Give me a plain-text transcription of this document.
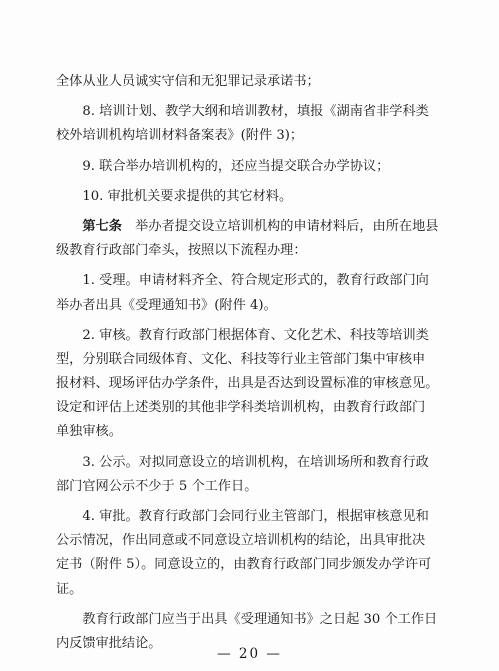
全体从业人员诚实守信和无犯罪记录承诺书；
8. 培训计划、教学大纲和培训教材，填报《湖南省非学科类
校外培训机构培训材料备案表》(附件 3)；
9. 联合举办培训机构的，还应当提交联合办学协议；
10. 审批机关要求提供的其它材料。
第七条　 举办者提交设立培训机构的申请材料后，由所在地县
级教育行政部门牵头，按照以下流程办理：
1. 受理。申请材料齐全、符合规定形式的，教育行政部门向
举办者出具《受理通知书》(附件 4)。
2. 审核。教育行政部门根据体育、文化艺术、科技等培训类
型，分别联合同级体育、文化、科技等行业主管部门集中审核申
报材料、现场评估办学条件，出具是否达到设置标准的审核意见。
设定和评估上述类别的其他非学科类培训机构，由教育行政部门
单独审核。
3. 公示。对拟同意设立的培训机构，在培训场所和教育行政
部门官网公示不少于 5 个工作日。
4. 审批。教育行政部门会同行业主管部门，根据审核意见和
公示情况，作出同意或不同意设立培训机构的结论，出具审批决
定书（附件 5）。同意设立的，由教育行政部门同步颁发办学许可
证。
教育行政部门应当于出具《受理通知书》之日起 30 个工作日
内反馈审批结论。
— 20 —
